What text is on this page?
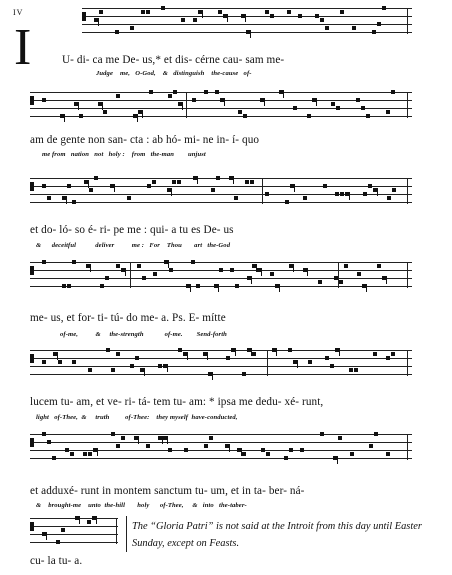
IV
I	U- di- ca me De- us,* et dis- cérne cau- sam me-
Judge    me,   O-God,    &   distinguish    the-cause   of-
am de gente non san- cta : ab hó- mi- ne in- í- quo
me from   nation   not   holy :    from   the-man        unjust
et do- ló- so é- ri- pe me : qui- a tu es De- us
&      deceitful           deliver          me :   For    Thou       art   the-God
me- us, et for- ti- tú- do me- a. Ps. E- mítte
of-me,          &     the-strength            of-me.        Send-forth
lucem tu- am, et ve- ri- tá- tem tu- am: * ipsa me dedu- xé- runt,
light   of-Thee,  &     truth         of-Thee:    they myself  have-conducted,
et adduxé- runt in montem sanctum tu- um, et in ta- ber- ná-
&    brought-me    unto  the-hill       holy      of-Thee,     &   into   the-taber-
cu- la tu- a.
The “Gloria Patri” is not said at the Introit from this day until Easter Sunday, except on Feasts.
